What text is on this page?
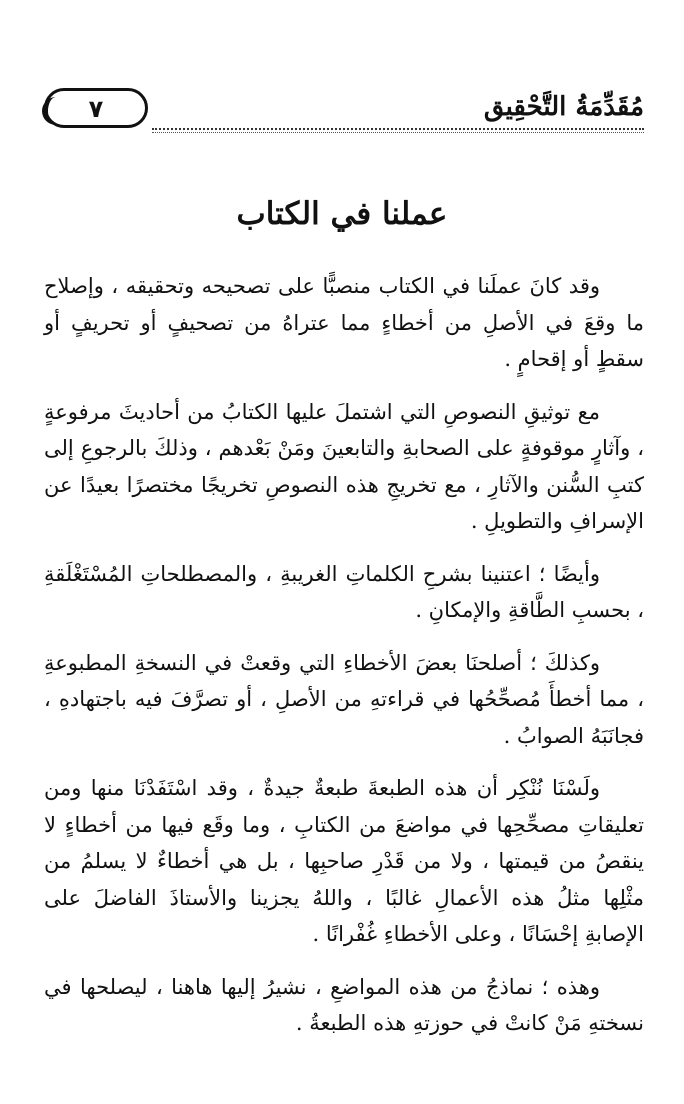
٧	مُقَدِّمَةُ التَّحْقِيق
عملنا في الكتاب

وقد كانَ عملَنا في الكتاب منصبًّا على تصحيحه وتحقيقه ، وإصلاح ما وقعَ في الأصلِ من أخطاءٍ مما عتراهُ من تصحيفٍ أو تحريفٍ أو سقطٍ أو إقحامٍ .

مع توثيقِ النصوصِ التي اشتملَ عليها الكتابُ من أحاديثَ مرفوعةٍ ، وآثارٍ موقوفةٍ على الصحابةِ والتابعينَ ومَنْ بَعْدهم ، وذلكَ بالرجوعِ إلى كتبِ السُّنن والآثارِ ، مع تخريجِ هذه النصوصِ تخريجًا مختصرًا بعيدًا عن الإسرافِ والتطويلِ .

وأيضًا ؛ اعتنينا بشرحِ الكلماتِ الغريبةِ ، والمصطلحاتِ المُسْتَغْلَقةِ ، بحسبِ الطَّاقةِ والإمكانِ .

وكذلكَ ؛ أصلحنَا بعضَ الأخطاءِ التي وقعتْ في النسخةِ المطبوعةِ ، مما أخطأَ مُصحِّحُها في قراءتهِ من الأصلِ ، أو تصرَّفَ فيه باجتهادهِ ، فجانَبَهُ الصوابُ .

ولَسْنَا نُنْكِر أن هذه الطبعةَ طبعةٌ جيدةٌ ، وقد اسْتَفَدْنَا منها ومن تعليقاتِ مصحِّحِها في مواضعَ من الكتابِ ، وما وقَع فيها من أخطاءٍ لا ينقصُ من قيمتها ، ولا من قَدْرِ صاحبِها ، بل هي أخطاءٌ لا يسلمُ من مثْلِها مثلُ هذه الأعمالِ غالبًا ، واللهُ يجزينا والأستاذَ الفاضلَ على الإصابةِ إحْسَانًا ، وعلى الأخطاءِ غُفْرانًا .

وهذه ؛ نماذجُ من هذه المواضعِ ، نشيرُ إليها هاهنا ، ليصلحها في نسختهِ مَنْ كانتْ في حوزتهِ هذه الطبعةُ .
